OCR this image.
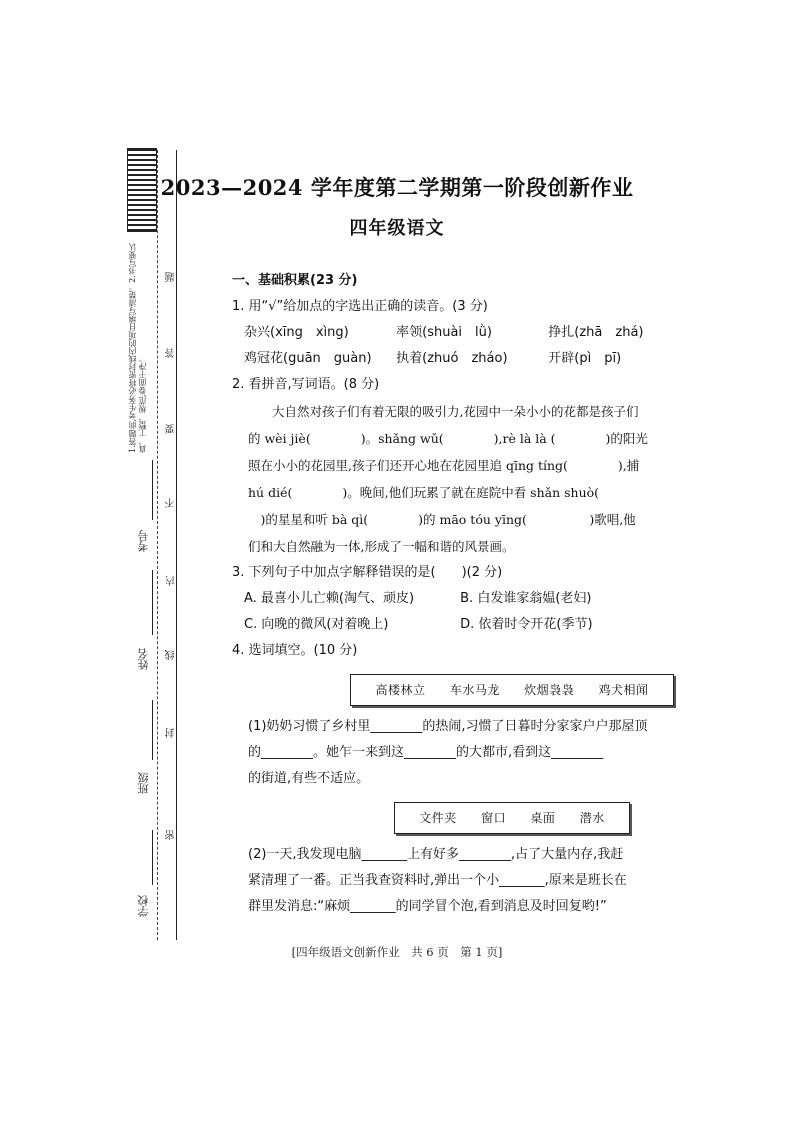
1.答题前,考生务必将密封线内的项目填写清楚。2.书写要认真、工整、规范,卷面干净。
学校
班级
姓名
考号
密
封
线
内
不
要
答
题
2023—2024 学年度第二学期第一阶段创新作业
四年级语文
一、基础积累(23 分)
1. 用“√”给加点的字选出正确的读音。(3 分)
杂兴(xīng　xìng)	率领(shuài　lǜ)	挣扎(zhā　zhá)
鸡冠花(guān　guàn) 执着(zhuó　zháo)	开辟(pì　pī)
2. 看拼音,写词语。(8 分)
大自然对孩子们有着无限的吸引力,花园中一朵小小的花都是孩子们
的 wèi jiè(　　　　)。shǎng wǔ(　　　　),rè là là (　　　　)的阳光
照在小小的花园里,孩子们还开心地在花园里追 qīng tíng(　　　　),捕
hú dié(　　　　)。晚间,他们玩累了就在庭院中看 shǎn shuò(
　)的星星和听 bà qì(　　　　)的 māo tóu yīng(　　　　　)歌唱,他
们和大自然融为一体,形成了一幅和谐的风景画。
3. 下列句子中加点字解释错误的是(　　)(2 分)
A. 最喜小儿亡赖(淘气、顽皮)	B. 白发谁家翁媪(老妇)
C. 向晚的微风(对着晚上)	D. 依着时令开花(季节)
4. 选词填空。(10 分)
高楼林立 车水马龙 炊烟袅袅 鸡犬相闻
(1)奶奶习惯了乡村里________的热闹,习惯了日暮时分家家户户那屋顶
的________。她乍一来到这________的大都市,看到这________
的街道,有些不适应。
文件夹 窗口 桌面 潜水
(2)一天,我发现电脑_______上有好多________,占了大量内存,我赶
紧清理了一番。正当我查资料时,弹出一个小_______,原来是班长在
群里发消息:“麻烦_______的同学冒个泡,看到消息及时回复哟!”
[四年级语文创新作业　共 6 页　第 1 页]
